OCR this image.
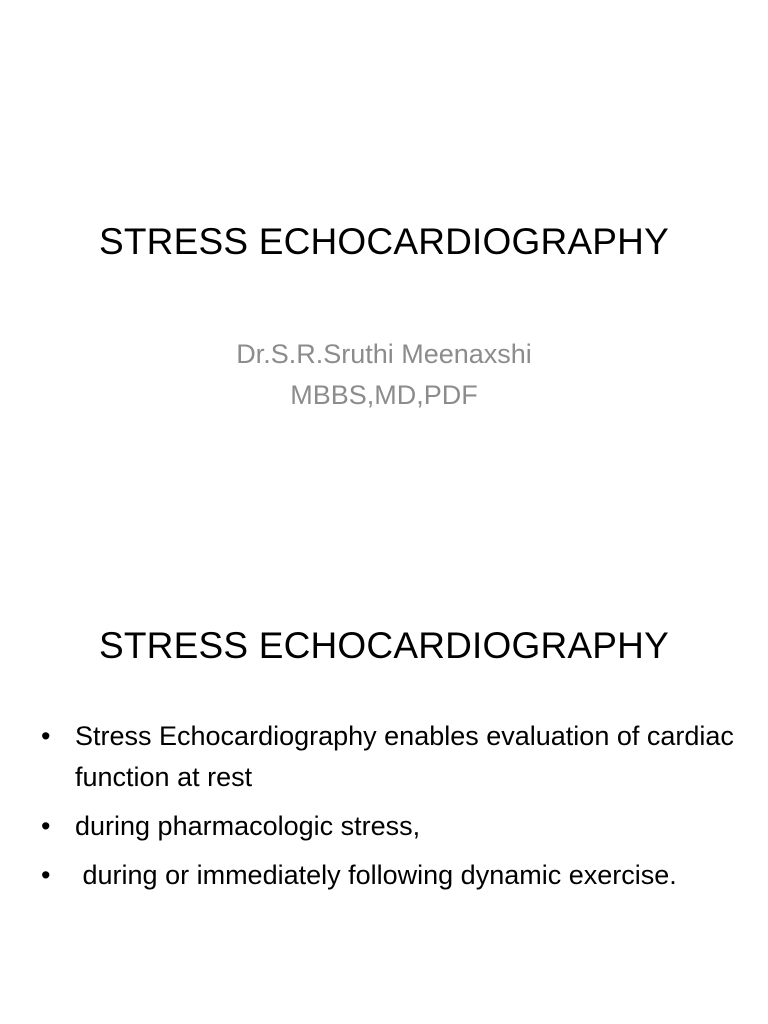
STRESS ECHOCARDIOGRAPHY
Dr.S.R.Sruthi Meenaxshi
MBBS,MD,PDF
STRESS ECHOCARDIOGRAPHY
• Stress Echocardiography enables evaluation of cardiac function at rest
• during pharmacologic stress,
• during or immediately following dynamic exercise.
